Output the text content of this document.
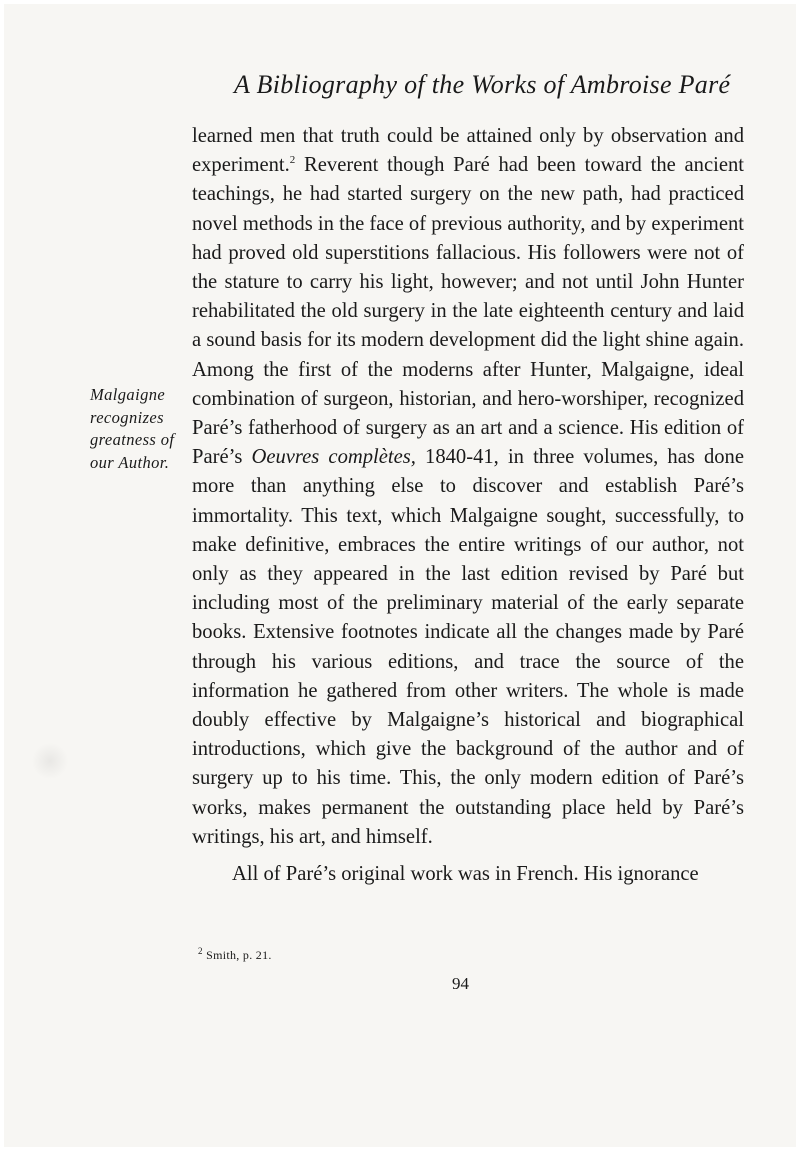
A Bibliography of the Works of Ambroise Paré
Malgaigne
recognizes
greatness of
our Author.

learned men that truth could be attained only by observation and experiment.$^2$ Reverent though Paré had been toward the ancient teachings, he had started surgery on the new path, had practiced novel methods in the face of previous authority, and by experiment had proved old superstitions fallacious. His followers were not of the stature to carry his light, however; and not until John Hunter rehabilitated the old surgery in the late eighteenth century and laid a sound basis for its modern development did the light shine again. Among the first of the moderns after Hunter, Malgaigne, ideal combination of surgeon, historian, and hero-worshiper, recognized Paré’s fatherhood of surgery as an art and a science. His edition of Paré’s Oeuvres complètes, 1840-41, in three volumes, has done more than anything else to discover and establish Paré’s immortality. This text, which Malgaigne sought, successfully, to make definitive, embraces the entire writings of our author, not only as they appeared in the last edition revised by Paré but including most of the preliminary material of the early separate books. Extensive footnotes indicate all the changes made by Paré through his various editions, and trace the source of the information he gathered from other writers. The whole is made doubly effective by Malgaigne’s historical and biographical introductions, which give the background of the author and of surgery up to his time. This, the only modern edition of Paré’s works, makes permanent the outstanding place held by Paré’s writings, his art, and himself.

All of Paré’s original work was in French. His ignorance

$^2$ Smith, p. 21.
94
